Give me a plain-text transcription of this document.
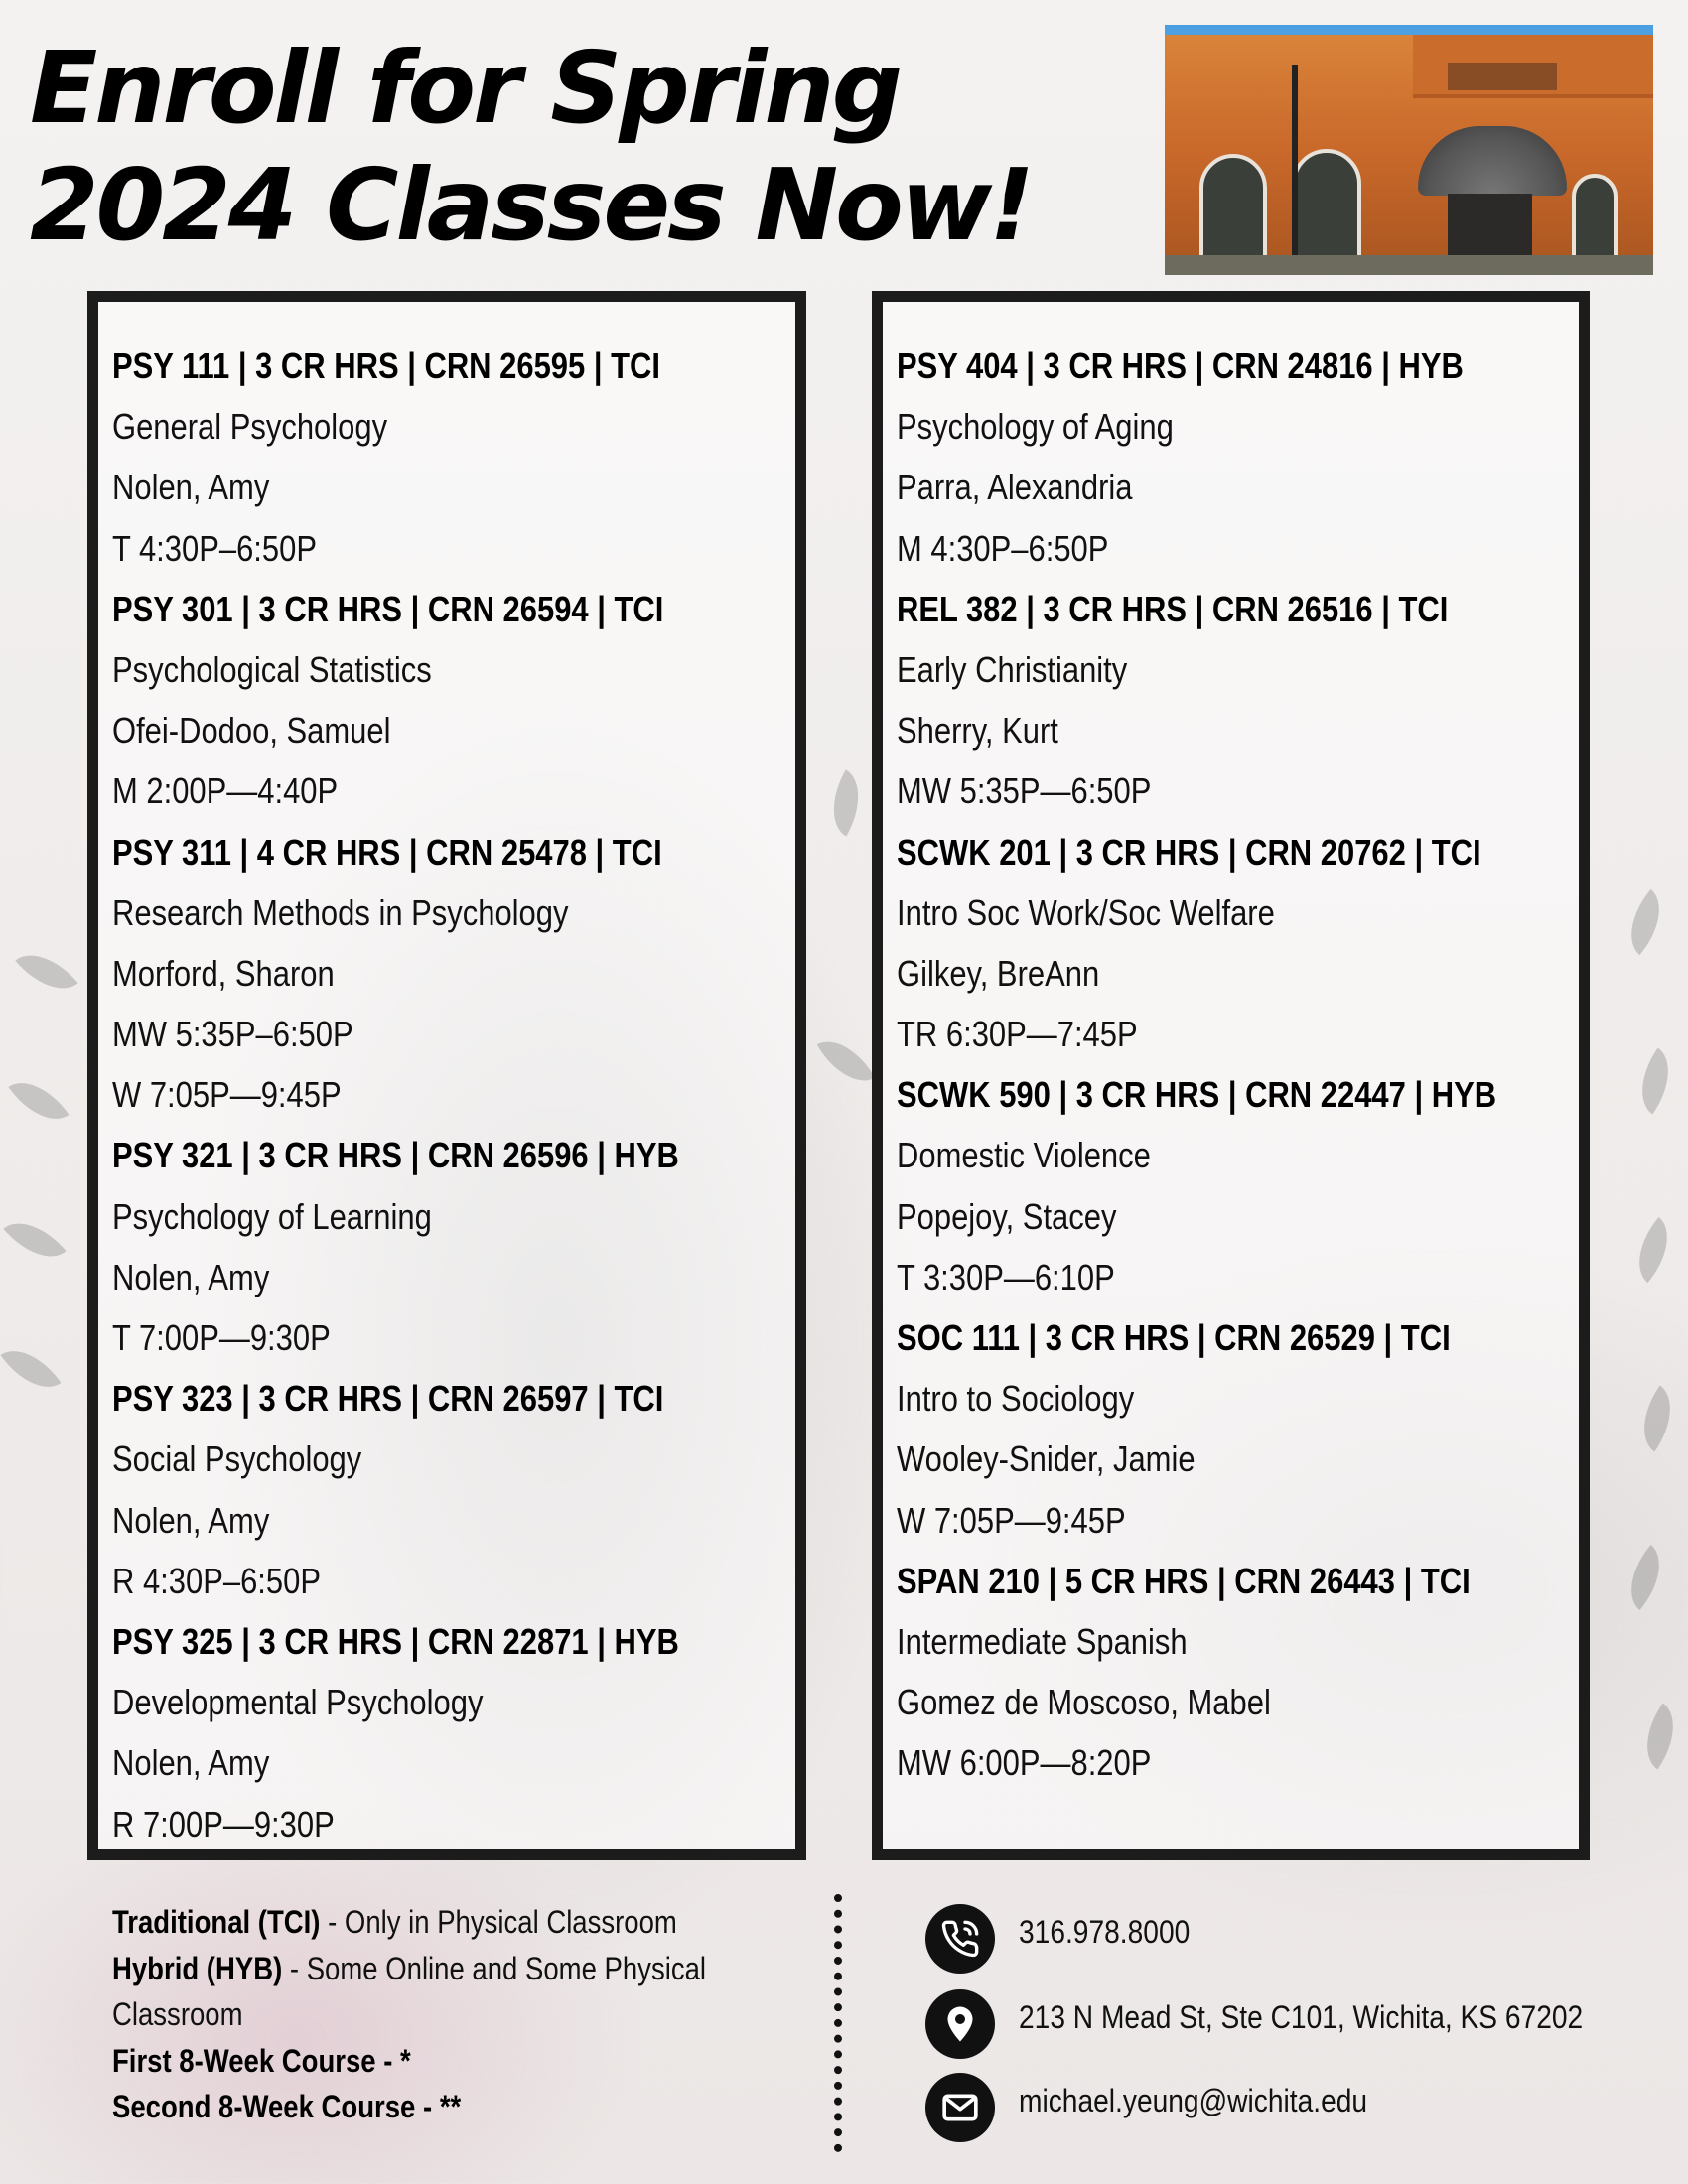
Enroll for Spring
2024 Classes Now!
PSY 111 | 3 CR HRS | CRN 26595 | TCI
General Psychology
Nolen, Amy
T 4:30P–6:50P
PSY 301 | 3 CR HRS | CRN 26594 | TCI
Psychological Statistics
Ofei-Dodoo, Samuel
M 2:00P—4:40P
PSY 311 | 4 CR HRS | CRN 25478 | TCI
Research Methods in Psychology
Morford, Sharon
MW 5:35P–6:50P
W 7:05P—9:45P
PSY 321 | 3 CR HRS | CRN 26596 | HYB
Psychology of Learning
Nolen, Amy
T 7:00P—9:30P
PSY 323 | 3 CR HRS | CRN 26597 | TCI
Social Psychology
Nolen, Amy
R 4:30P–6:50P
PSY 325 | 3 CR HRS | CRN 22871 | HYB
Developmental Psychology
Nolen, Amy
R 7:00P—9:30P
PSY 404 | 3 CR HRS | CRN 24816 | HYB
Psychology of Aging
Parra, Alexandria
M 4:30P–6:50P
REL 382 | 3 CR HRS | CRN 26516 | TCI
Early Christianity
Sherry, Kurt
MW 5:35P—6:50P
SCWK 201 | 3 CR HRS | CRN 20762 | TCI
Intro Soc Work/Soc Welfare
Gilkey, BreAnn
TR 6:30P—7:45P
SCWK 590 | 3 CR HRS | CRN 22447 | HYB
Domestic Violence
Popejoy, Stacey
T 3:30P—6:10P
SOC 111 | 3 CR HRS | CRN 26529 | TCI
Intro to Sociology
Wooley-Snider, Jamie
W 7:05P—9:45P
SPAN 210 | 5 CR HRS | CRN 26443 | TCI
Intermediate Spanish
Gomez de Moscoso, Mabel
MW 6:00P—8:20P
Traditional (TCI) - Only in Physical Classroom
Hybrid (HYB) - Some Online and Some Physical Classroom
First 8-Week Course - *
Second 8-Week Course - **
316.978.8000
213 N Mead St, Ste C101, Wichita, KS 67202
michael.yeung@wichita.edu
